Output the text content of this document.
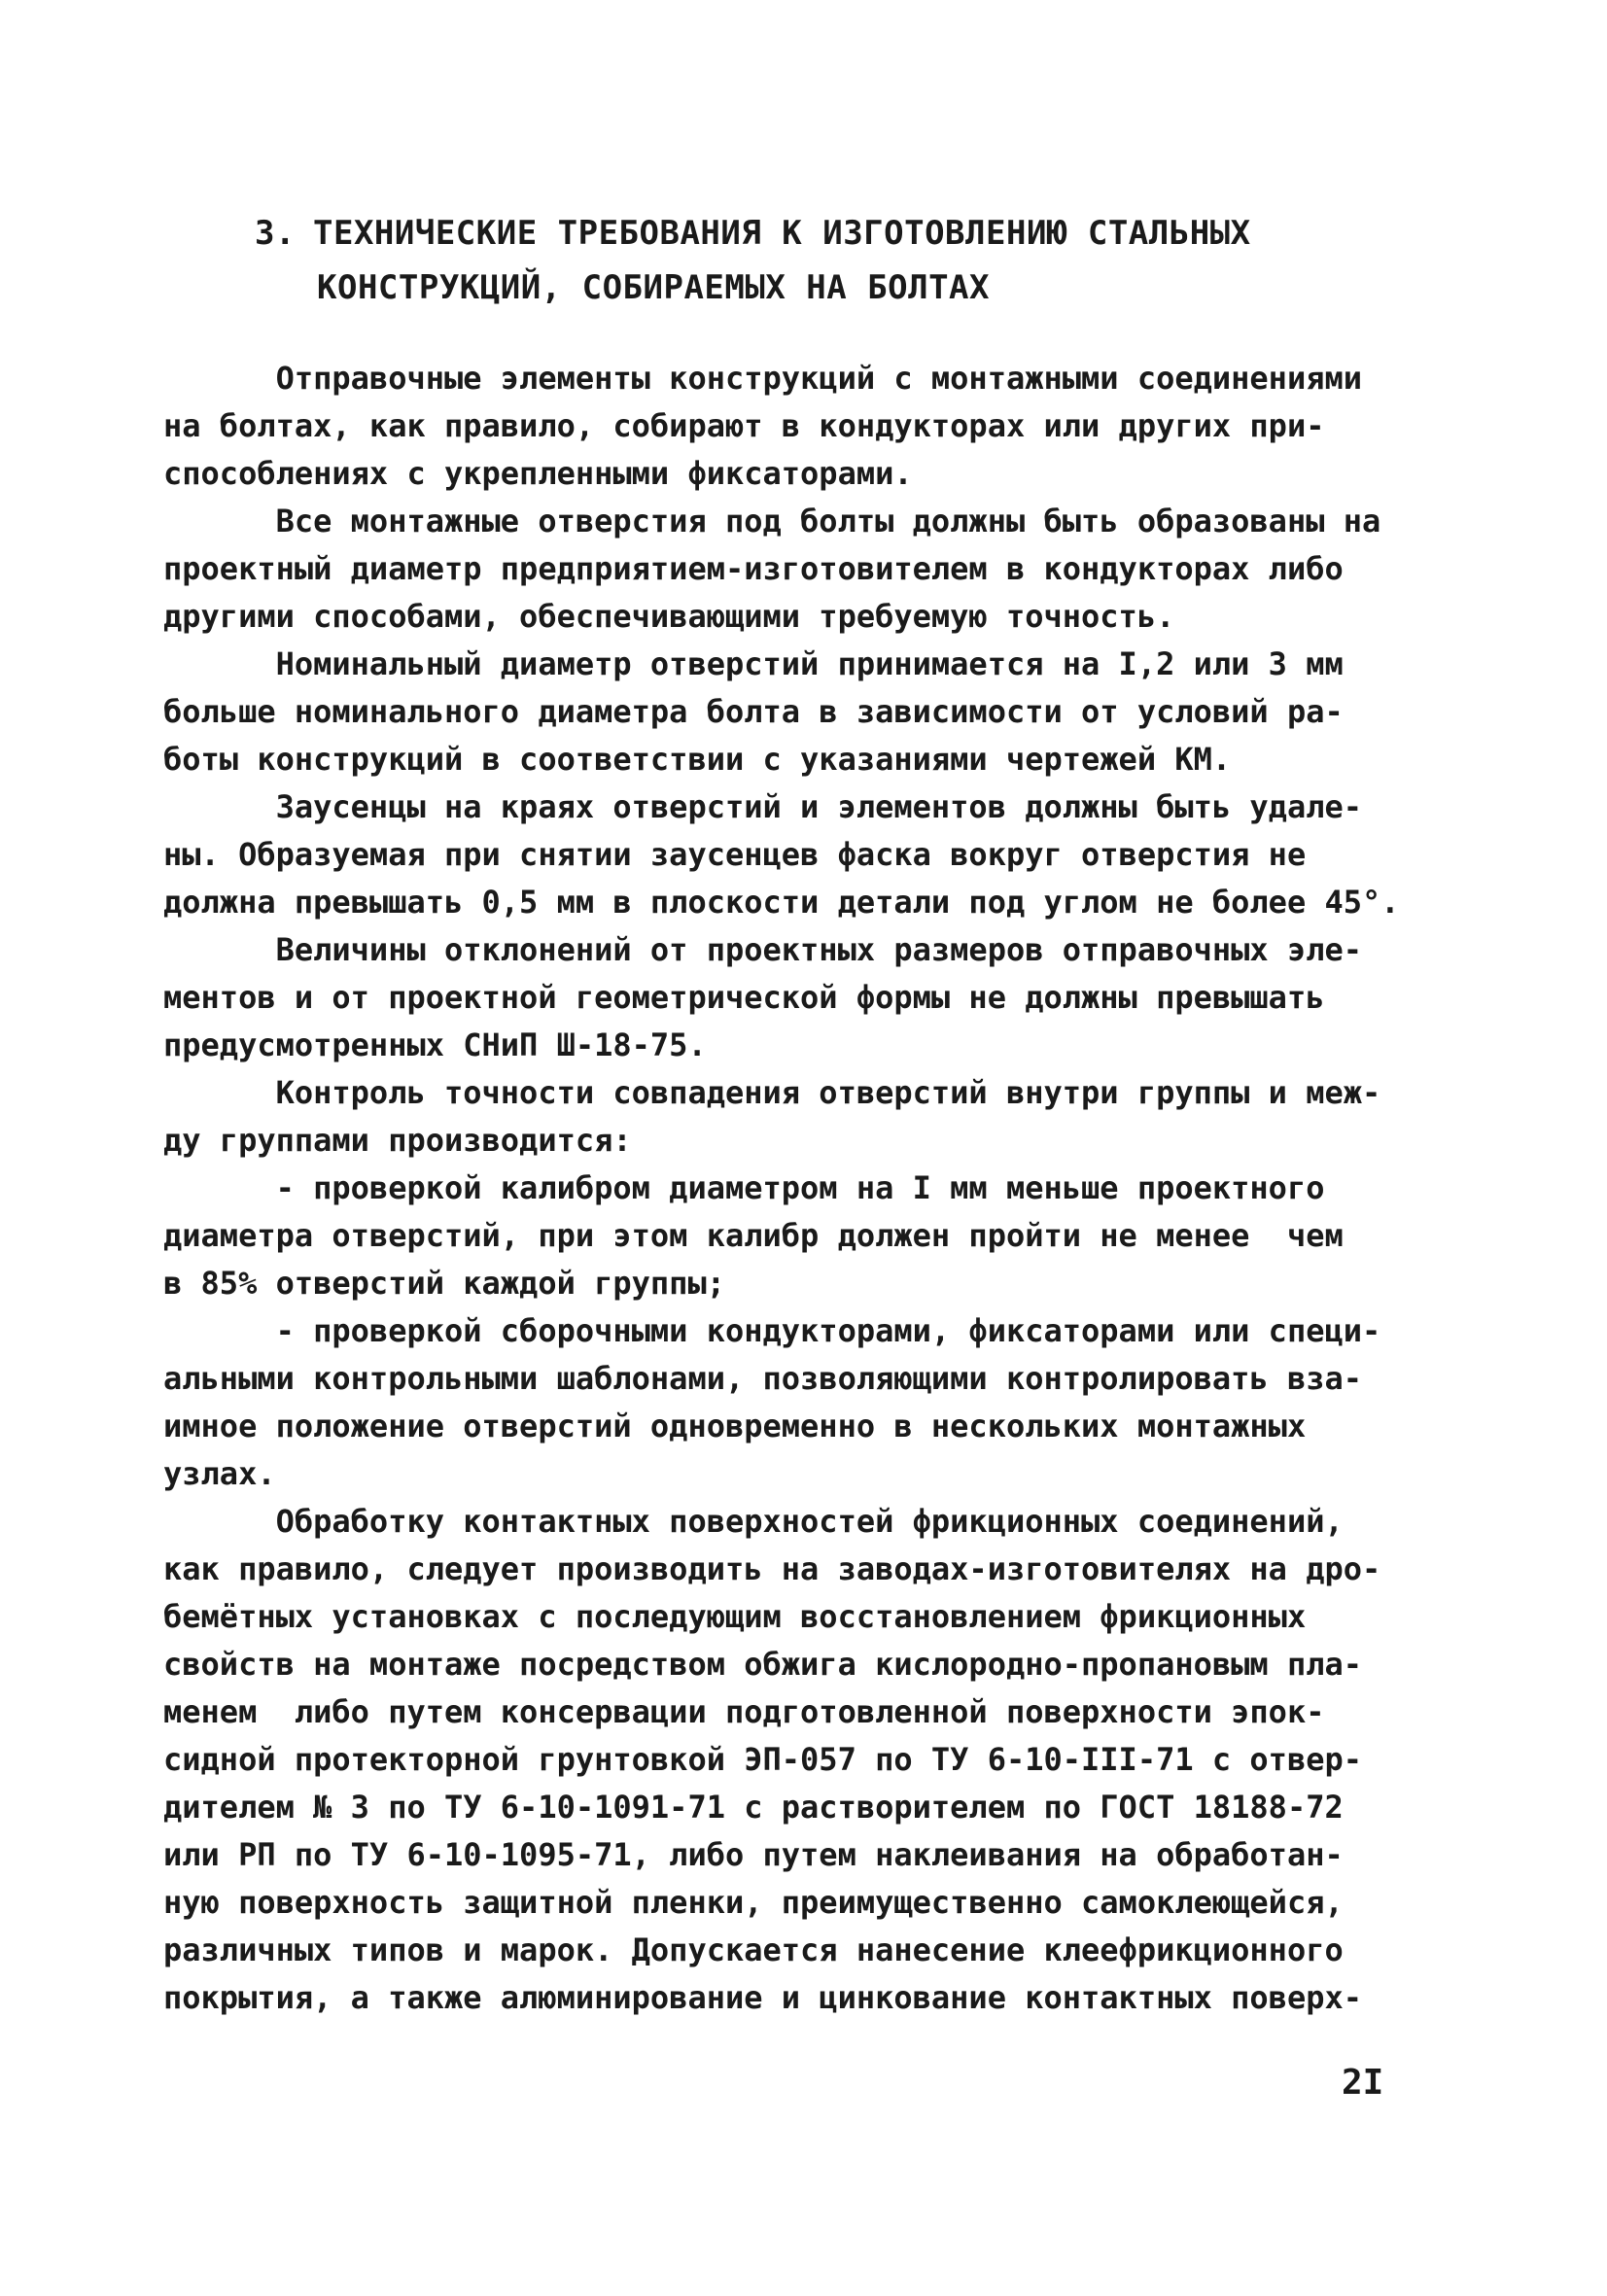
3. ТЕХНИЧЕСКИЕ ТРЕБОВАНИЯ К ИЗГОТОВЛЕНИЮ СТАЛЬНЫХ
КОНСТРУКЦИЙ, СОБИРАЕМЫХ НА БОЛТАХ
Отправочные элементы конструкций с монтажными соединениями
на болтах, как правило, собирают в кондукторах или других при-
способлениях с укрепленными фиксаторами.
Все монтажные отверстия под болты должны быть образованы на
проектный диаметр предприятием-изготовителем в кондукторах либо
другими способами, обеспечивающими требуемую точность.
Номинальный диаметр отверстий принимается на I,2 или 3 мм
больше номинального диаметра болта в зависимости от условий ра-
боты конструкций в соответствии с указаниями чертежей КМ.
Заусенцы на краях отверстий и элементов должны быть удале-
ны. Образуемая при снятии заусенцев фаска вокруг отверстия не
должна превышать 0,5 мм в плоскости детали под углом не более 45°.
Величины отклонений от проектных размеров отправочных эле-
ментов и от проектной геометрической формы не должны превышать
предусмотренных СНиП Ш-18-75.
Контроль точности совпадения отверстий внутри группы и меж-
ду группами производится:
- проверкой калибром диаметром на I мм меньше проектного
диаметра отверстий, при этом калибр должен пройти не менее  чем
в 85% отверстий каждой группы;
- проверкой сборочными кондукторами, фиксаторами или специ-
альными контрольными шаблонами, позволяющими контролировать вза-
имное положение отверстий одновременно в нескольких монтажных
узлах.
Обработку контактных поверхностей фрикционных соединений,
как правило, следует производить на заводах-изготовителях на дро-
бемётных установках с последующим восстановлением фрикционных
свойств на монтаже посредством обжига кислородно-пропановым пла-
менем  либо путем консервации подготовленной поверхности эпок-
сидной протекторной грунтовкой ЭП-057 по ТУ 6-10-III-71 с отвер-
дителем № 3 по ТУ 6-10-1091-71 с растворителем по ГОСТ 18188-72
или РП по ТУ 6-10-1095-71, либо путем наклеивания на обработан-
ную поверхность защитной пленки, преимущественно самоклеющейся,
различных типов и марок. Допускается нанесение клеефрикционного
покрытия, а также алюминирование и цинкование контактных поверх-
2I
